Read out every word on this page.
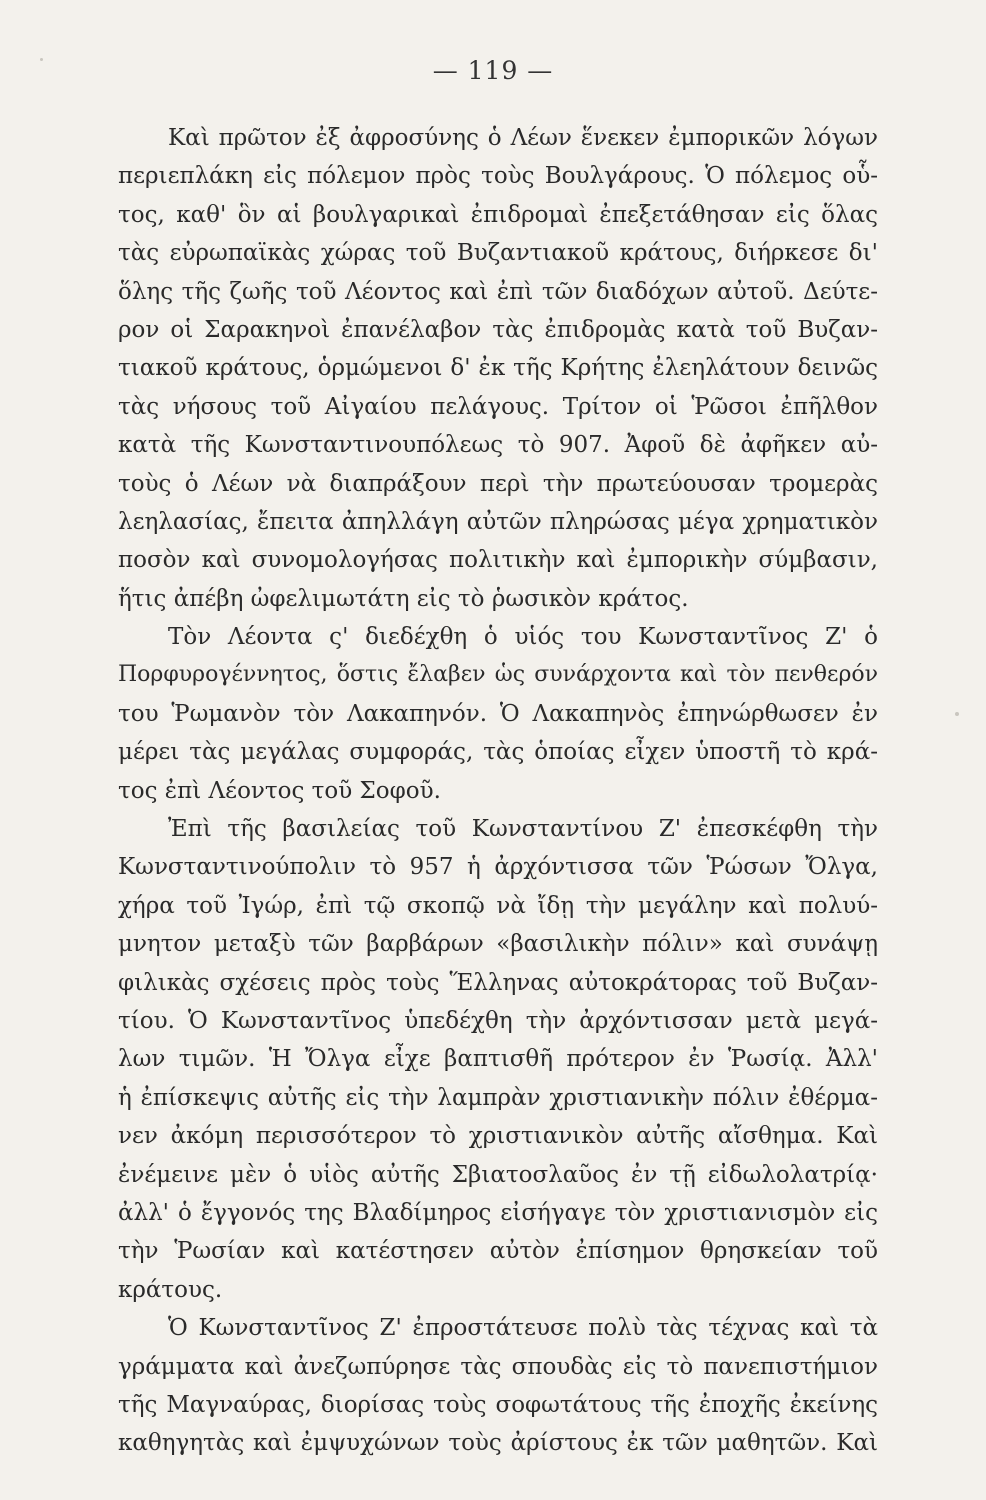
— 119 —
Καὶ πρῶτον ἐξ ἀφροσύνης ὁ Λέων ἕνεκεν ἐμπορικῶν λόγων
περιεπλάκη εἰς πόλεμον πρὸς τοὺς Βουλγάρους. Ὁ πόλεμος οὗ-
τος, καθ' ὃν αἱ βουλγαρικαὶ ἐπιδρομαὶ ἐπεξετάθησαν εἰς ὅλας
τὰς εὐρωπαϊκὰς χώρας τοῦ Βυζαντιακοῦ κράτους, διήρκεσε δι'
ὅλης τῆς ζωῆς τοῦ Λέοντος καὶ ἐπὶ τῶν διαδόχων αὐτοῦ. Δεύτε-
ρον οἱ Σαρακηνοὶ ἐπανέλαβον τὰς ἐπιδρομὰς κατὰ τοῦ Βυζαν-
τιακοῦ κράτους, ὁρμώμενοι δ' ἐκ τῆς Κρήτης ἐλεηλάτουν δεινῶς
τὰς νήσους τοῦ Αἰγαίου πελάγους. Τρίτον οἱ Ῥῶσοι ἐπῆλθον
κατὰ τῆς Κωνσταντινουπόλεως τὸ 907. Ἀφοῦ δὲ ἀφῆκεν αὐ-
τοὺς ὁ Λέων νὰ διαπράξουν περὶ τὴν πρωτεύουσαν τρομερὰς
λεηλασίας, ἔπειτα ἀπηλλάγη αὐτῶν πληρώσας μέγα χρηματικὸν
ποσὸν καὶ συνομολογήσας πολιτικὴν καὶ ἐμπορικὴν σύμβασιν,
ἥτις ἀπέβη ὠφελιμωτάτη εἰς τὸ ῥωσικὸν κράτος.
Τὸν Λέοντα ς' διεδέχθη ὁ υἱός του Κωνσταντῖνος Ζ' ὁ
Πορφυρογέννητος, ὅστις ἔλαβεν ὡς συνάρχοντα καὶ τὸν πενθερόν
του Ῥωμανὸν τὸν Λακαπηνόν. Ὁ Λακαπηνὸς ἐπηνώρθωσεν ἐν
μέρει τὰς μεγάλας συμφοράς, τὰς ὁποίας εἶχεν ὑποστῆ τὸ κρά-
τος ἐπὶ Λέοντος τοῦ Σοφοῦ.
Ἐπὶ τῆς βασιλείας τοῦ Κωνσταντίνου Ζ' ἐπεσκέφθη τὴν
Κωνσταντινούπολιν τὸ 957 ἡ ἀρχόντισσα τῶν Ῥώσων Ὄλγα,
χήρα τοῦ Ἰγώρ, ἐπὶ τῷ σκοπῷ νὰ ἴδῃ τὴν μεγάλην καὶ πολυύ-
μνητον μεταξὺ τῶν βαρβάρων «βασιλικὴν πόλιν» καὶ συνάψῃ
φιλικὰς σχέσεις πρὸς τοὺς Ἕλληνας αὐτοκράτορας τοῦ Βυζαν-
τίου. Ὁ Κωνσταντῖνος ὑπεδέχθη τὴν ἀρχόντισσαν μετὰ μεγά-
λων τιμῶν. Ἡ Ὄλγα εἶχε βαπτισθῆ πρότερον ἐν Ῥωσίᾳ. Ἀλλ'
ἡ ἐπίσκεψις αὐτῆς εἰς τὴν λαμπρὰν χριστιανικὴν πόλιν ἐθέρμα-
νεν ἀκόμη περισσότερον τὸ χριστιανικὸν αὐτῆς αἴσθημα. Καὶ
ἐνέμεινε μὲν ὁ υἱὸς αὐτῆς Σβιατοσλαῦος ἐν τῇ εἰδωλολατρίᾳ·
ἀλλ' ὁ ἔγγονός της Βλαδίμηρος εἰσήγαγε τὸν χριστιανισμὸν εἰς
τὴν Ῥωσίαν καὶ κατέστησεν αὐτὸν ἐπίσημον θρησκείαν τοῦ
κράτους.
Ὁ Κωνσταντῖνος Ζ' ἐπροστάτευσε πολὺ τὰς τέχνας καὶ τὰ
γράμματα καὶ ἀνεζωπύρησε τὰς σπουδὰς εἰς τὸ πανεπιστήμιον
τῆς Μαγναύρας, διορίσας τοὺς σοφωτάτους τῆς ἐποχῆς ἐκείνης
καθηγητὰς καὶ ἐμψυχώνων τοὺς ἀρίστους ἐκ τῶν μαθητῶν. Καὶ
